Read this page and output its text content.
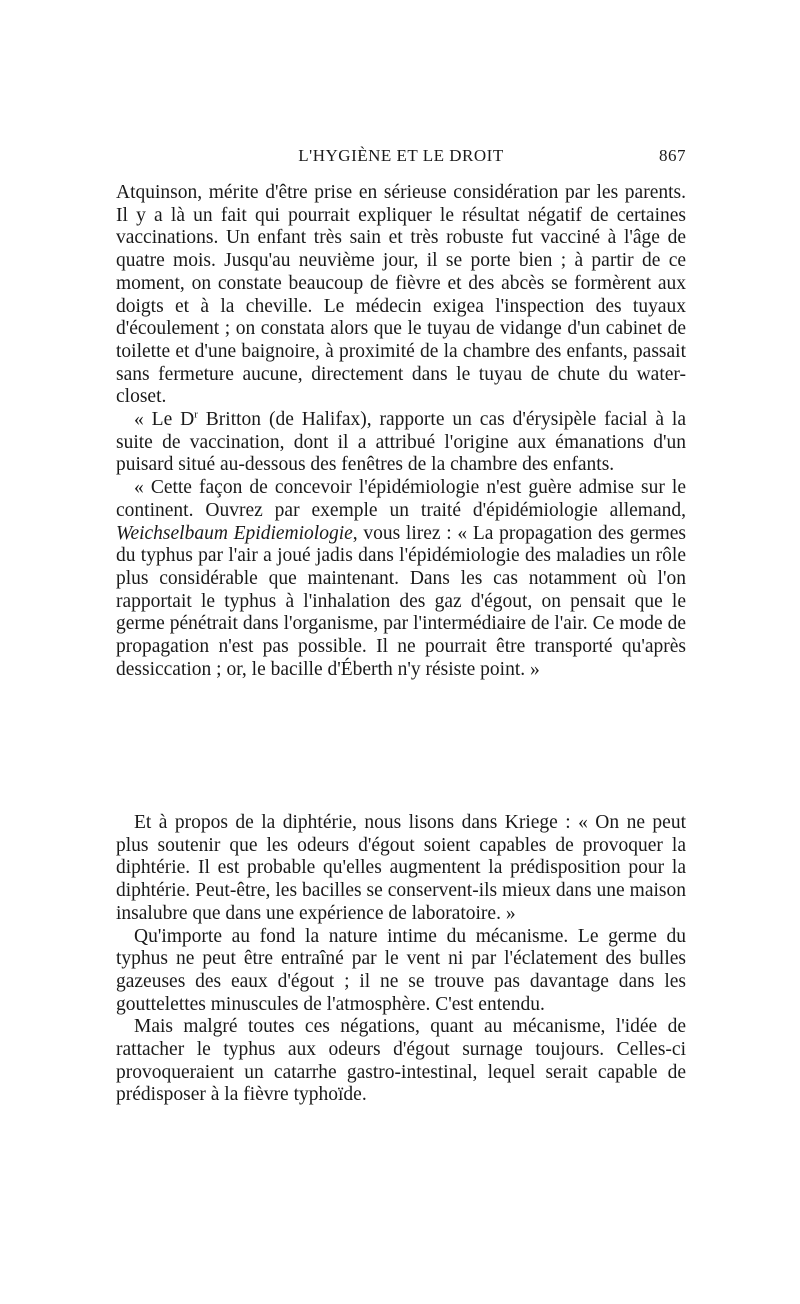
L'HYGIÈNE ET LE DROIT	867

Atquinson, mérite d'être prise en sérieuse considération par les parents. Il y a là un fait qui pourrait expliquer le résultat négatif de certaines vaccinations. Un enfant très sain et très robuste fut vacciné à l'âge de quatre mois. Jusqu'au neuvième jour, il se porte bien ; à partir de ce moment, on constate beaucoup de fièvre et des abcès se formèrent aux doigts et à la cheville. Le médecin exigea l'inspection des tuyaux d'écoulement ; on constata alors que le tuyau de vidange d'un cabinet de toilette et d'une baignoire, à proximité de la chambre des enfants, passait sans fermeture aucune, directement dans le tuyau de chute du water-closet.

« Le $D^r$ Britton (de Halifax), rapporte un cas d'érysipèle facial à la suite de vaccination, dont il a attribué l'origine aux émanations d'un puisard situé au-dessous des fenêtres de la chambre des enfants.

« Cette façon de concevoir l'épidémiologie n'est guère admise sur le continent. Ouvrez par exemple un traité d'épidémiologie allemand, Weichselbaum Epidiemiologie, vous lirez : « La propagation des germes du typhus par l'air a joué jadis dans l'épidémiologie des maladies un rôle plus considérable que maintenant. Dans les cas notamment où l'on rapportait le typhus à l'inhalation des gaz d'égout, on pensait que le germe pénétrait dans l'organisme, par l'intermédiaire de l'air. Ce mode de propagation n'est pas possible. Il ne pourrait être transporté qu'après dessiccation ; or, le bacille d'Éberth n'y résiste point. »

Et à propos de la diphtérie, nous lisons dans Kriege : « On ne peut plus soutenir que les odeurs d'égout soient capables de provoquer la diphtérie. Il est probable qu'elles augmentent la prédisposition pour la diphtérie. Peut-être, les bacilles se conservent-ils mieux dans une maison insalubre que dans une expérience de laboratoire. »

Qu'importe au fond la nature intime du mécanisme. Le germe du typhus ne peut être entraîné par le vent ni par l'éclatement des bulles gazeuses des eaux d'égout ; il ne se trouve pas davantage dans les gouttelettes minuscules de l'atmosphère. C'est entendu.

Mais malgré toutes ces négations, quant au mécanisme, l'idée de rattacher le typhus aux odeurs d'égout surnage toujours. Celles-ci provoqueraient un catarrhe gastro-intestinal, lequel serait capable de prédisposer à la fièvre typhoïde.
